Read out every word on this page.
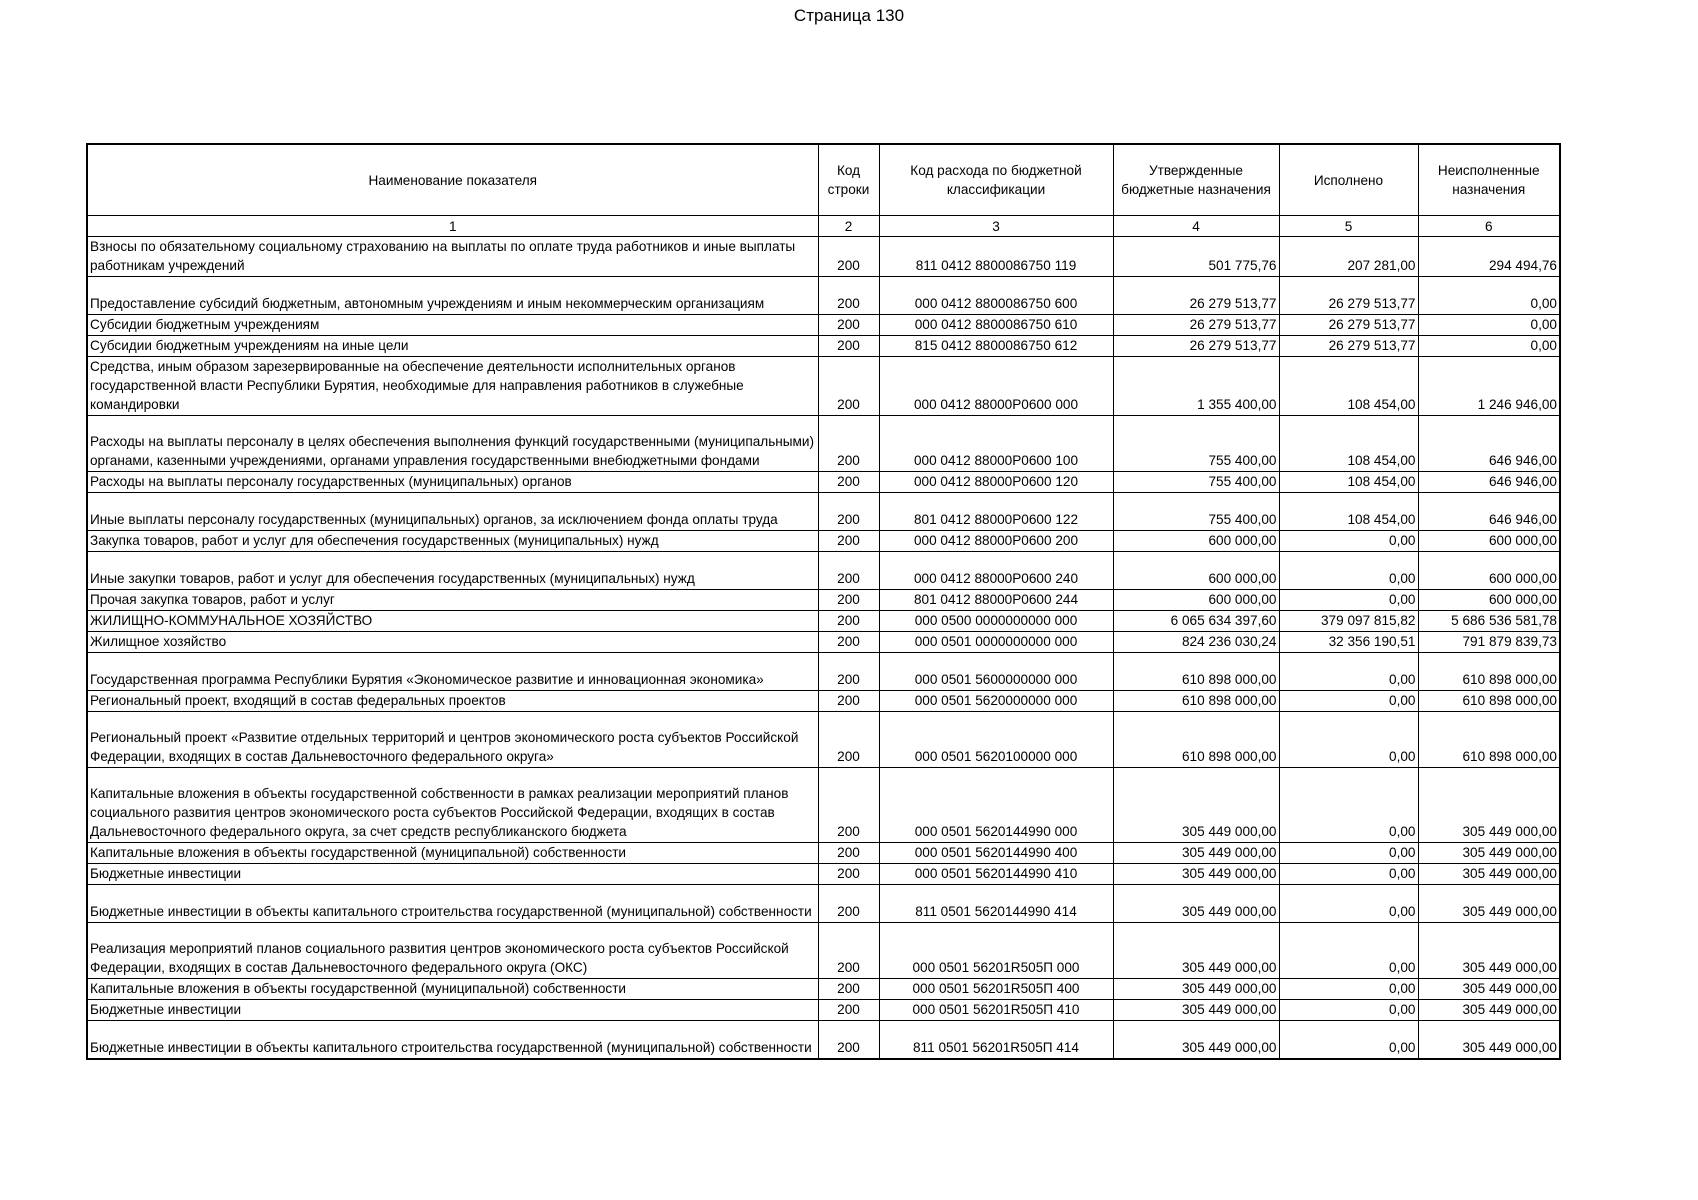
Страница 130
Наименование показателя	Код строки	Код расхода по бюджетной классификации	Утвержденные бюджетные назначения	Исполнено	Неисполненные назначения
1	2	3	4	5	6
Взносы по обязательному социальному страхованию на выплаты по оплате труда работников и иные выплаты работникам учреждений	200	811 0412 8800086750 119	501 775,76	207 281,00	294 494,76
Предоставление субсидий бюджетным, автономным учреждениям и иным некоммерческим организациям	200	000 0412 8800086750 600	26 279 513,77	26 279 513,77	0,00
Субсидии бюджетным учреждениям	200	000 0412 8800086750 610	26 279 513,77	26 279 513,77	0,00
Субсидии бюджетным учреждениям на иные цели	200	815 0412 8800086750 612	26 279 513,77	26 279 513,77	0,00
Средства, иным образом зарезервированные на обеспечение деятельности исполнительных органов государственной власти Республики Бурятия, необходимые для направления работников в служебные командировки	200	000 0412 88000Р0600 000	1 355 400,00	108 454,00	1 246 946,00
Расходы на выплаты персоналу в целях обеспечения выполнения функций государственными (муниципальными) органами, казенными учреждениями, органами управления государственными внебюджетными фондами	200	000 0412 88000Р0600 100	755 400,00	108 454,00	646 946,00
Расходы на выплаты персоналу государственных (муниципальных) органов	200	000 0412 88000Р0600 120	755 400,00	108 454,00	646 946,00
Иные выплаты персоналу государственных (муниципальных) органов, за исключением фонда оплаты труда	200	801 0412 88000Р0600 122	755 400,00	108 454,00	646 946,00
Закупка товаров, работ и услуг для обеспечения государственных (муниципальных) нужд	200	000 0412 88000Р0600 200	600 000,00	0,00	600 000,00
Иные закупки товаров, работ и услуг для обеспечения государственных (муниципальных) нужд	200	000 0412 88000Р0600 240	600 000,00	0,00	600 000,00
Прочая закупка товаров, работ и услуг	200	801 0412 88000Р0600 244	600 000,00	0,00	600 000,00
ЖИЛИЩНО-КОММУНАЛЬНОЕ ХОЗЯЙСТВО	200	000 0500 0000000000 000	6 065 634 397,60	379 097 815,82	5 686 536 581,78
Жилищное хозяйство	200	000 0501 0000000000 000	824 236 030,24	32 356 190,51	791 879 839,73
Государственная программа Республики Бурятия «Экономическое развитие и инновационная экономика»	200	000 0501 5600000000 000	610 898 000,00	0,00	610 898 000,00
Региональный проект, входящий в состав федеральных проектов	200	000 0501 5620000000 000	610 898 000,00	0,00	610 898 000,00
Региональный проект «Развитие отдельных территорий и центров экономического роста субъектов Российской Федерации, входящих в состав Дальневосточного федерального округа»	200	000 0501 5620100000 000	610 898 000,00	0,00	610 898 000,00
Капитальные вложения в объекты государственной собственности в рамках реализации мероприятий планов социального развития центров экономического роста субъектов Российской Федерации, входящих в состав Дальневосточного федерального округа, за счет средств республиканского бюджета	200	000 0501 5620144990 000	305 449 000,00	0,00	305 449 000,00
Капитальные вложения в объекты государственной (муниципальной) собственности	200	000 0501 5620144990 400	305 449 000,00	0,00	305 449 000,00
Бюджетные инвестиции	200	000 0501 5620144990 410	305 449 000,00	0,00	305 449 000,00
Бюджетные инвестиции в объекты капитального строительства государственной (муниципальной) собственности	200	811 0501 5620144990 414	305 449 000,00	0,00	305 449 000,00
Реализация мероприятий планов социального развития центров экономического роста субъектов Российской Федерации, входящих в состав Дальневосточного федерального округа (ОКС)	200	000 0501 56201R505П 000	305 449 000,00	0,00	305 449 000,00
Капитальные вложения в объекты государственной (муниципальной) собственности	200	000 0501 56201R505П 400	305 449 000,00	0,00	305 449 000,00
Бюджетные инвестиции	200	000 0501 56201R505П 410	305 449 000,00	0,00	305 449 000,00
Бюджетные инвестиции в объекты капитального строительства государственной (муниципальной) собственности	200	811 0501 56201R505П 414	305 449 000,00	0,00	305 449 000,00
